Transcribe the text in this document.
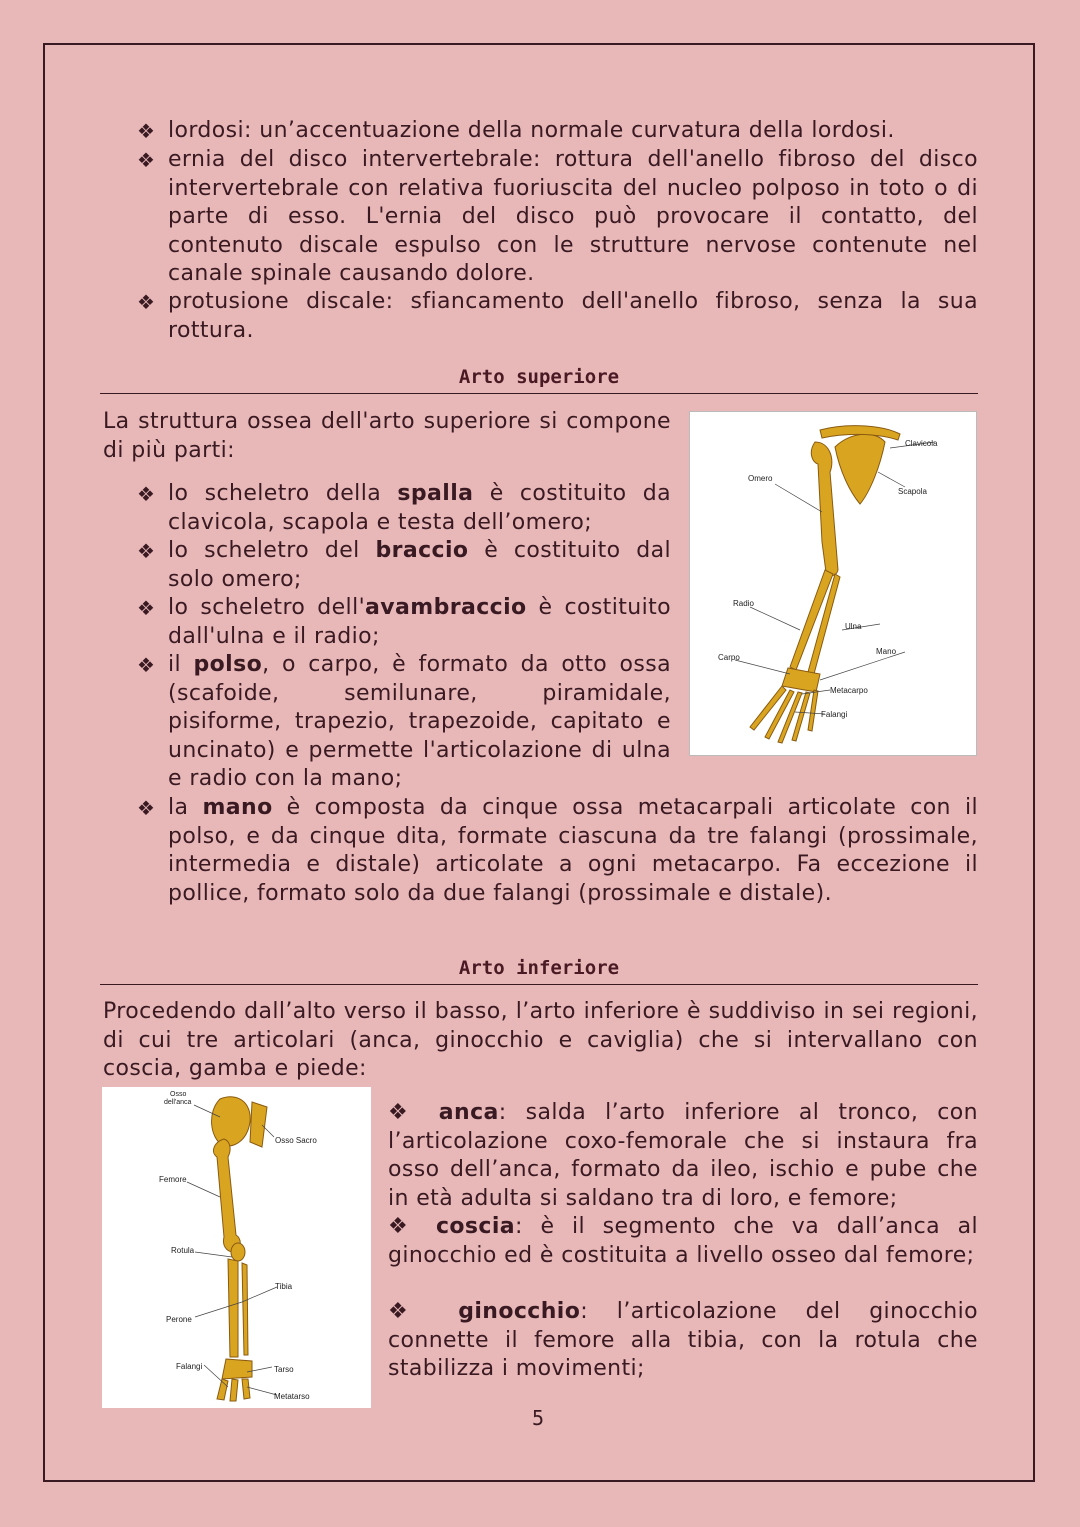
❖ lordosi: un’accentuazione della normale curvatura della lordosi.
❖ ernia del disco intervertebrale: rottura dell'anello fibroso del disco intervertebrale con relativa fuoriuscita del nucleo polposo in toto o di parte di esso. L'ernia del disco può provocare il contatto, del contenuto discale espulso con le strutture nervose contenute nel canale spinale causando dolore.
❖ protusione discale: sfiancamento dell'anello fibroso, senza la sua rottura.
Arto superiore
La struttura ossea dell'arto superiore si compone di più parti:
❖ lo scheletro della spalla è costituito da clavicola, scapola e testa dell’omero;
❖ lo scheletro del braccio è costituito dal solo omero;
❖ lo scheletro dell'avambraccio è costituito dall'ulna e il radio;
❖ il polso, o carpo, è formato da otto ossa (scafoide, semilunare, piramidale, pisiforme, trapezio, trapezoide, capitato e uncinato) e permette l'articolazione di ulna e radio con la mano;
❖ la mano è composta da cinque ossa metacarpali articolate con il polso, e da cinque dita, formate ciascuna da tre falangi (prossimale, intermedia e distale) articolate a ogni metacarpo. Fa eccezione il pollice, formato solo da due falangi (prossimale e distale).
Clavicola
Scapola
Omero
Radio
Ulna
Carpo
Mano
Metacarpo
Falangi
Arto inferiore
Procedendo dall’alto verso il basso, l’arto inferiore è suddiviso in sei regioni, di cui tre articolari (anca, ginocchio e caviglia) che si intervallano con coscia, gamba e piede:
Osso
dell'anca
Osso Sacro
Femore
Rotula
Tibia
Perone
Falangi	Tarso
Metatarso
❖ anca: salda l’arto inferiore al tronco, con l’articolazione coxo-femorale che si instaura fra osso dell’anca, formato da ileo, ischio e pube che in età adulta si saldano tra di loro, e femore;
❖ coscia: è il segmento che va dall’anca al ginocchio ed è costituita a livello osseo dal femore;
❖ ginocchio: l’articolazione del ginocchio connette il femore alla tibia, con la rotula che stabilizza i movimenti;
5
